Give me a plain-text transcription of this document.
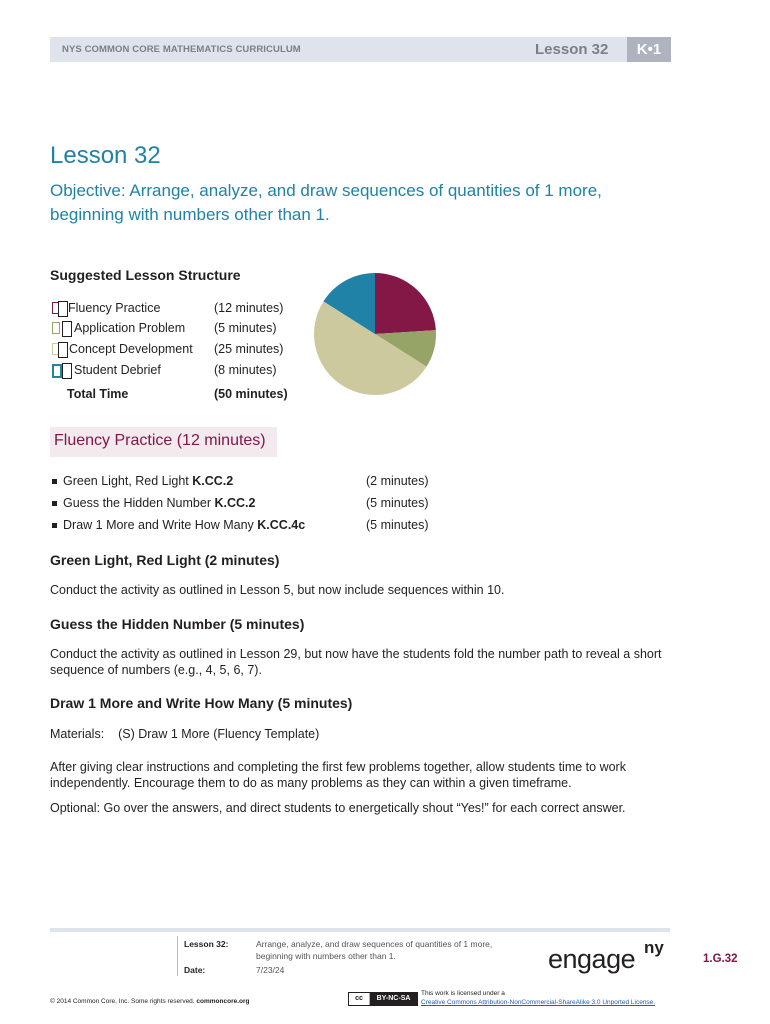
NYS COMMON CORE MATHEMATICS CURRICULUM	Lesson 32	K•1
Lesson 32
Objective: Arrange, analyze, and draw sequences of quantities of 1 more,
beginning with numbers other than 1.
Suggested Lesson Structure
Fluency Practice	(12 minutes)
Application Problem (5 minutes)
Concept Development (25 minutes)
Student Debrief	(8 minutes)
Total Time	(50 minutes)
Fluency Practice (12 minutes)
Green Light, Red Light K.CC.2	(2 minutes)
Guess the Hidden Number K.CC.2	(5 minutes)
Draw 1 More and Write How Many K.CC.4c	(5 minutes)
Green Light, Red Light (2 minutes)
Conduct the activity as outlined in Lesson 5, but now include sequences within 10.
Guess the Hidden Number (5 minutes)
Conduct the activity as outlined in Lesson 29, but now have the students fold the number path to reveal a short sequence of numbers (e.g., 4, 5, 6, 7).
Draw 1 More and Write How Many (5 minutes)
Materials:    (S) Draw 1 More (Fluency Template)
After giving clear instructions and completing the first few problems together, allow students time to work independently. Encourage them to do as many problems as they can within a given timeframe.
Optional: Go over the answers, and direct students to energetically shout “Yes!” for each correct answer.
Lesson 32:	Arrange, analyze, and draw sequences of quantities of 1 more, beginning with numbers other than 1.
Date:	7/23/24	engage ny
1.G.32
© 2014 Common Core, Inc. Some rights reserved. commoncore.org	cc	BY-NC-SA
This work is licensed under a
Creative Commons Attribution-NonCommercial-ShareAlike 3.0 Unported License.
